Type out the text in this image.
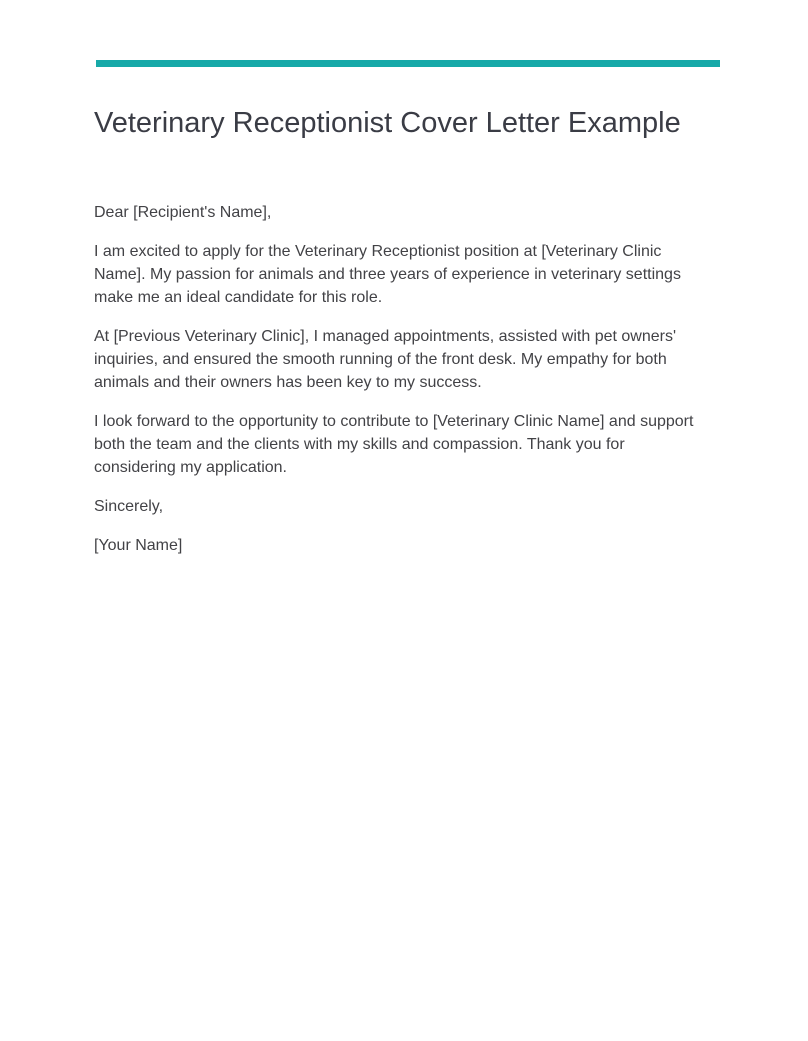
Veterinary Receptionist Cover Letter Example

Dear [Recipient's Name],

I am excited to apply for the Veterinary Receptionist position at [Veterinary Clinic Name]. My passion for animals and three years of experience in veterinary settings make me an ideal candidate for this role.

At [Previous Veterinary Clinic], I managed appointments, assisted with pet owners' inquiries, and ensured the smooth running of the front desk. My empathy for both animals and their owners has been key to my success.

I look forward to the opportunity to contribute to [Veterinary Clinic Name] and support both the team and the clients with my skills and compassion. Thank you for considering my application.

Sincerely,

[Your Name]
